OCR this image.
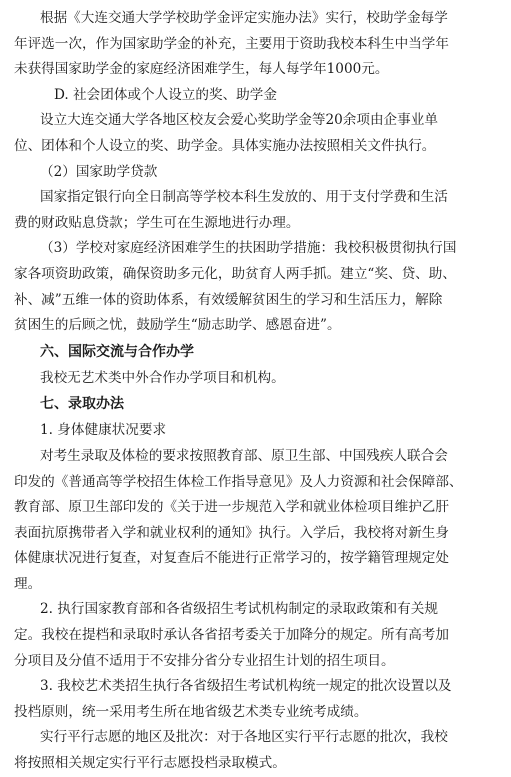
根据《大连交通大学学校助学金评定实施办法》实行，校助学金每学
年评选一次，作为国家助学金的补充，主要用于资助我校本科生中当学年
未获得国家助学金的家庭经济困难学生，每人每学年1000元。
D. 社会团体或个人设立的奖、助学金
设立大连交通大学各地区校友会爱心奖助学金等20余项由企事业单
位、团体和个人设立的奖、助学金。具体实施办法按照相关文件执行。
（2）国家助学贷款
国家指定银行向全日制高等学校本科生发放的、用于支付学费和生活
费的财政贴息贷款；学生可在生源地进行办理。
（3）学校对家庭经济困难学生的扶困助学措施：我校积极贯彻执行国
家各项资助政策，确保资助多元化，助贫育人两手抓。建立“奖、贷、助、
补、减”五维一体的资助体系，有效缓解贫困生的学习和生活压力，解除
贫困生的后顾之忧，鼓励学生“励志助学、感恩奋进”。
六、国际交流与合作办学
我校无艺术类中外合作办学项目和机构。
七、录取办法
1. 身体健康状况要求
对考生录取及体检的要求按照教育部、原卫生部、中国残疾人联合会
印发的《普通高等学校招生体检工作指导意见》及人力资源和社会保障部、
教育部、原卫生部印发的《关于进一步规范入学和就业体检项目维护乙肝
表面抗原携带者入学和就业权利的通知》执行。入学后，我校将对新生身
体健康状况进行复查，对复查后不能进行正常学习的，按学籍管理规定处
理。
2. 执行国家教育部和各省级招生考试机构制定的录取政策和有关规
定。我校在提档和录取时承认各省招考委关于加降分的规定。所有高考加
分项目及分值不适用于不安排分省分专业招生计划的招生项目。
3. 我校艺术类招生执行各省级招生考试机构统一规定的批次设置以及
投档原则，统一采用考生所在地省级艺术类专业统考成绩。
实行平行志愿的地区及批次：对于各地区实行平行志愿的批次，我校
将按照相关规定实行平行志愿投档录取模式。
